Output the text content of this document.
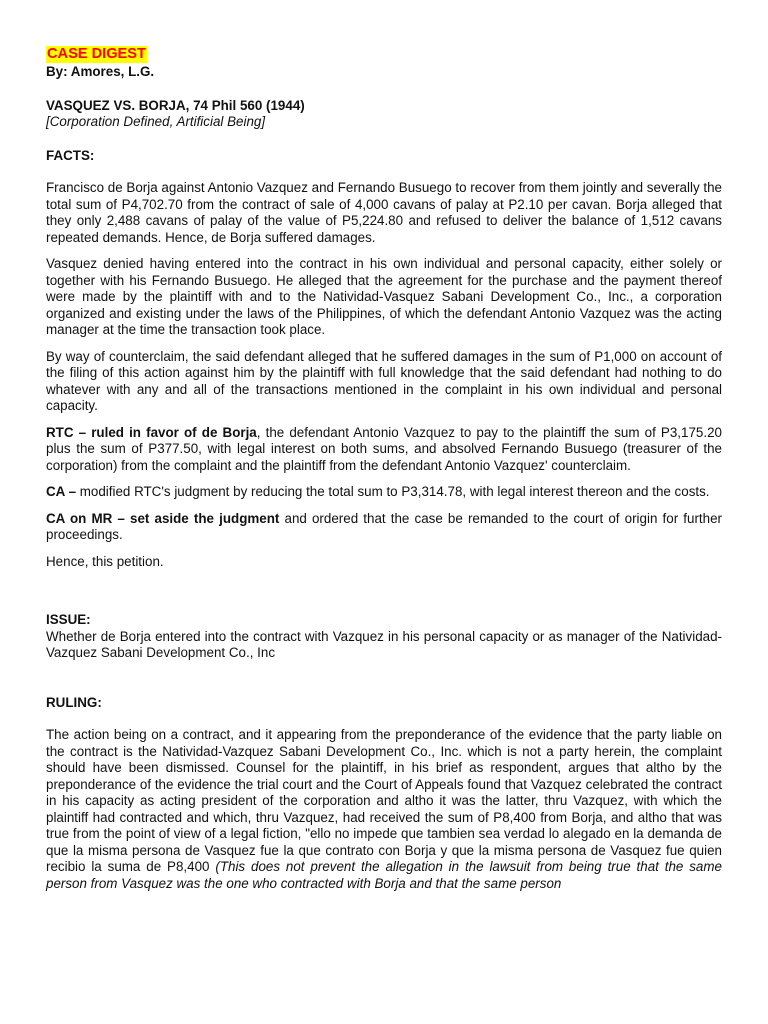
CASE DIGEST
By: Amores, L.G.
VASQUEZ VS. BORJA, 74 Phil 560 (1944)
[Corporation Defined, Artificial Being]
FACTS:

Francisco de Borja against Antonio Vazquez and Fernando Busuego to recover from them jointly and severally the total sum of P4,702.70 from the contract of sale of 4,000 cavans of palay at P2.10 per cavan. Borja alleged that they only 2,488 cavans of palay of the value of P5,224.80 and refused to deliver the balance of 1,512 cavans repeated demands. Hence, de Borja suffered damages.

Vasquez denied having entered into the contract in his own individual and personal capacity, either solely or together with his Fernando Busuego. He alleged that the agreement for the purchase and the payment thereof were made by the plaintiff with and to the Natividad-Vasquez Sabani Development Co., Inc., a corporation organized and existing under the laws of the Philippines, of which the defendant Antonio Vazquez was the acting manager at the time the transaction took place.

By way of counterclaim, the said defendant alleged that he suffered damages in the sum of P1,000 on account of the filing of this action against him by the plaintiff with full knowledge that the said defendant had nothing to do whatever with any and all of the transactions mentioned in the complaint in his own individual and personal capacity.

RTC – ruled in favor of de Borja, the defendant Antonio Vazquez to pay to the plaintiff the sum of P3,175.20 plus the sum of P377.50, with legal interest on both sums, and absolved Fernando Busuego (treasurer of the corporation) from the complaint and the plaintiff from the defendant Antonio Vazquez' counterclaim.

CA – modified RTC's judgment by reducing the total sum to P3,314.78, with legal interest thereon and the costs.

CA on MR – set aside the judgment and ordered that the case be remanded to the court of origin for further proceedings.

Hence, this petition.

ISSUE:

Whether de Borja entered into the contract with Vazquez in his personal capacity or as manager of the Natividad-Vazquez Sabani Development Co., Inc

RULING:

The action being on a contract, and it appearing from the preponderance of the evidence that the party liable on the contract is the Natividad-Vazquez Sabani Development Co., Inc. which is not a party herein, the complaint should have been dismissed. Counsel for the plaintiff, in his brief as respondent, argues that altho by the preponderance of the evidence the trial court and the Court of Appeals found that Vazquez celebrated the contract in his capacity as acting president of the corporation and altho it was the latter, thru Vazquez, with which the plaintiff had contracted and which, thru Vazquez, had received the sum of P8,400 from Borja, and altho that was true from the point of view of a legal fiction, "ello no impede que tambien sea verdad lo alegado en la demanda de que la misma persona de Vasquez fue la que contrato con Borja y que la misma persona de Vasquez fue quien recibio la suma de P8,400 (This does not prevent the allegation in the lawsuit from being true that the same person from Vasquez was the one who contracted with Borja and that the same person
